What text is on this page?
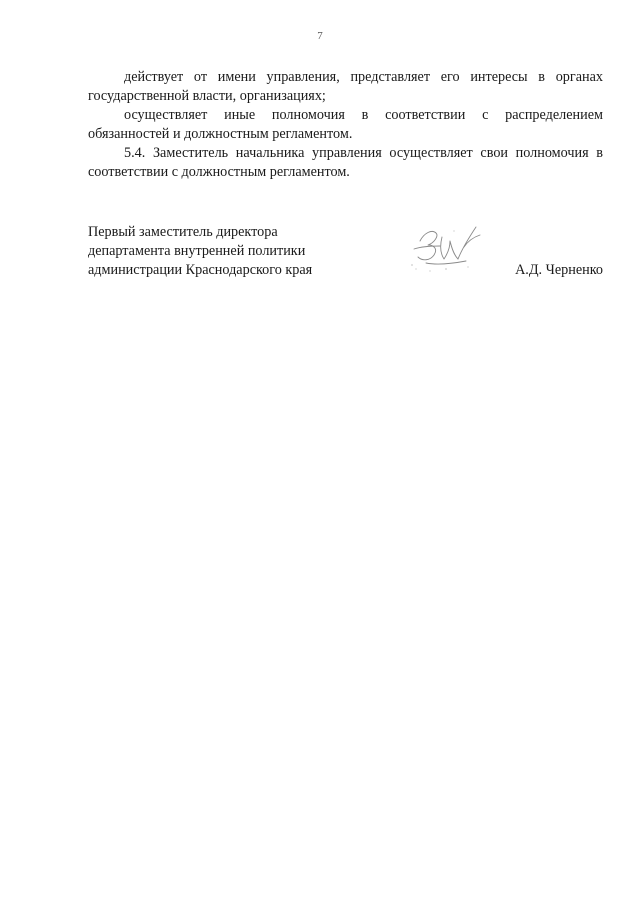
7

действует от имени управления, представляет его интересы в органах государственной власти, организациях;

осуществляет иные полномочия в соответствии с распределением обязанностей и должностным регламентом.

5.4. Заместитель начальника управления осуществляет свои полномочия в соответствии с должностным регламентом.

Первый заместитель директора
департамента внутренней политики
администрации Краснодарского края	А.Д. Черненко
